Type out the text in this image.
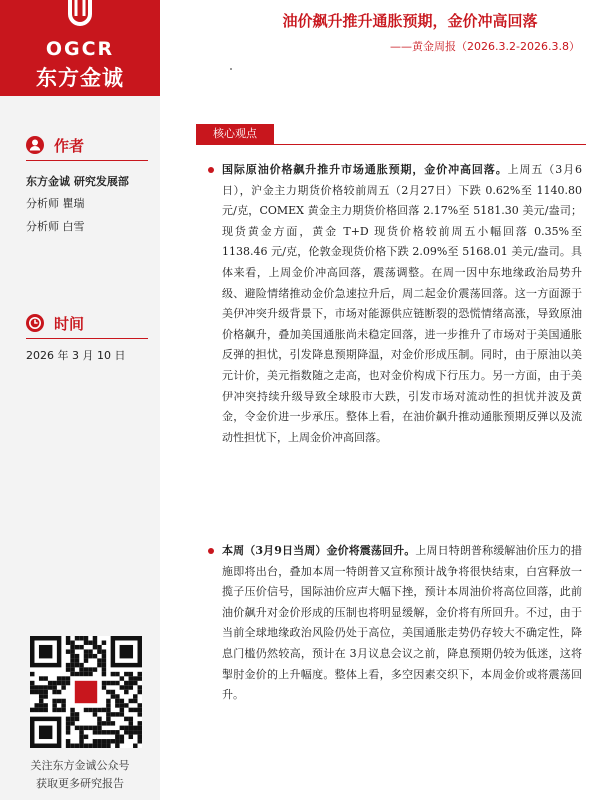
OGCR
东方金诚
作者
东方金诚 研究发展部
分析师 瞿瑞
分析师 白雪
时间
2026 年 3 月 10 日
关注东方金诚公众号
获取更多研究报告
油价飙升推升通胀预期，金价冲高回落
——黄金周报（2026.3.2-2026.3.8）
核心观点

国际原油价格飙升推升市场通胀预期，金价冲高回落。上周五（3月6日），沪金主力期货价格较前周五（2月27日）下跌 0.62%至 1140.80 元/克，COMEX 黄金主力期货价格回落 2.17%至 5181.30 美元/盎司；现货黄金方面，黄金 T+D 现货价格较前周五小幅回落 0.35%至 1138.46 元/克，伦敦金现货价格下跌 2.09%至 5168.01 美元/盎司。具体来看，上周金价冲高回落，震荡调整。在周一因中东地缘政治局势升级、避险情绪推动金价急速拉升后，周二起金价震荡回落。这一方面源于美伊冲突升级背景下，市场对能源供应链断裂的恐慌情绪高涨，导致原油价格飙升，叠加美国通胀尚未稳定回落，进一步推升了市场对于美国通胀反弹的担忧，引发降息预期降温，对金价形成压制。同时，由于原油以美元计价，美元指数随之走高，也对金价构成下行压力。另一方面，由于美伊冲突持续升级导致全球股市大跌，引发市场对流动性的担忧并波及黄金，令金价进一步承压。整体上看，在油价飙升推动通胀预期反弹以及流动性担忧下，上周金价冲高回落。

本周（3月9日当周）金价将震荡回升。上周日特朗普称缓解油价压力的措施即将出台，叠加本周一特朗普又宣称预计战争将很快结束，白宫释放一揽子压价信号，国际油价应声大幅下挫，预计本周油价将高位回落，此前油价飙升对金价形成的压制也将明显缓解，金价将有所回升。不过，由于当前全球地缘政治风险仍处于高位，美国通胀走势仍存较大不确定性，降息门槛仍然较高，预计在 3月议息会议之前，降息预期仍较为低迷，这将掣肘金价的上升幅度。整体上看，多空因素交织下，本周金价或将震荡回升。
